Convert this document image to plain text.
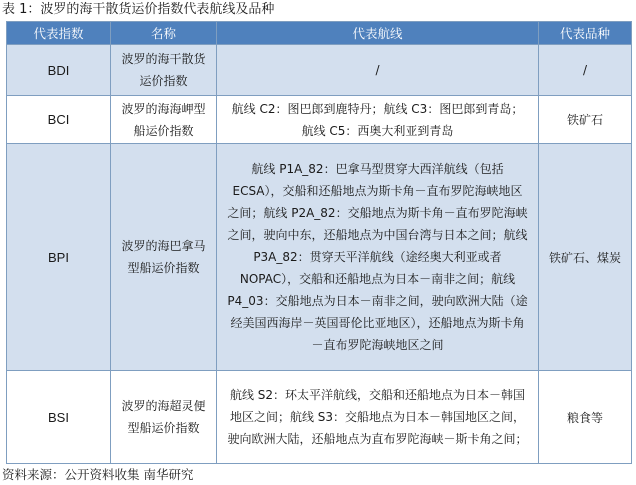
表 1：波罗的海干散货运价指数代表航线及品种
代表指数	名称	代表航线	代表品种
BDI	波罗的海干散货运价指数	/	/
BCI	波罗的海海岬型船运价指数	航线 C2：图巴郎到鹿特丹；航线 C3：图巴郎到青岛；航线 C5：西奥大利亚到青岛	铁矿石
BPI	波罗的海巴拿马型船运价指数	航线 P1A_82：巴拿马型贯穿大西洋航线（包括 ECSA），交船和还船地点为斯卡角－直布罗陀海峡地区之间；航线 P2A_82：交船地点为斯卡角－直布罗陀海峡之间，驶向中东，还船地点为中国台湾与日本之间；航线 P3A_82：贯穿天平洋航线（途经奥大利亚或者 NOPAC），交船和还船地点为日本－南非之间；航线 P4_03：交船地点为日本－南非之间，驶向欧洲大陆（途经美国西海岸－英国哥伦比亚地区），还船地点为斯卡角－直布罗陀海峡地区之间	铁矿石、煤炭
BSI	波罗的海超灵便型船运价指数	航线 S2：环太平洋航线，交船和还船地点为日本－韩国地区之间；航线 S3：交船地点为日本－韩国地区之间，驶向欧洲大陆，还船地点为直布罗陀海峡－斯卡角之间；	粮食等
资料来源：公开资料收集 南华研究
